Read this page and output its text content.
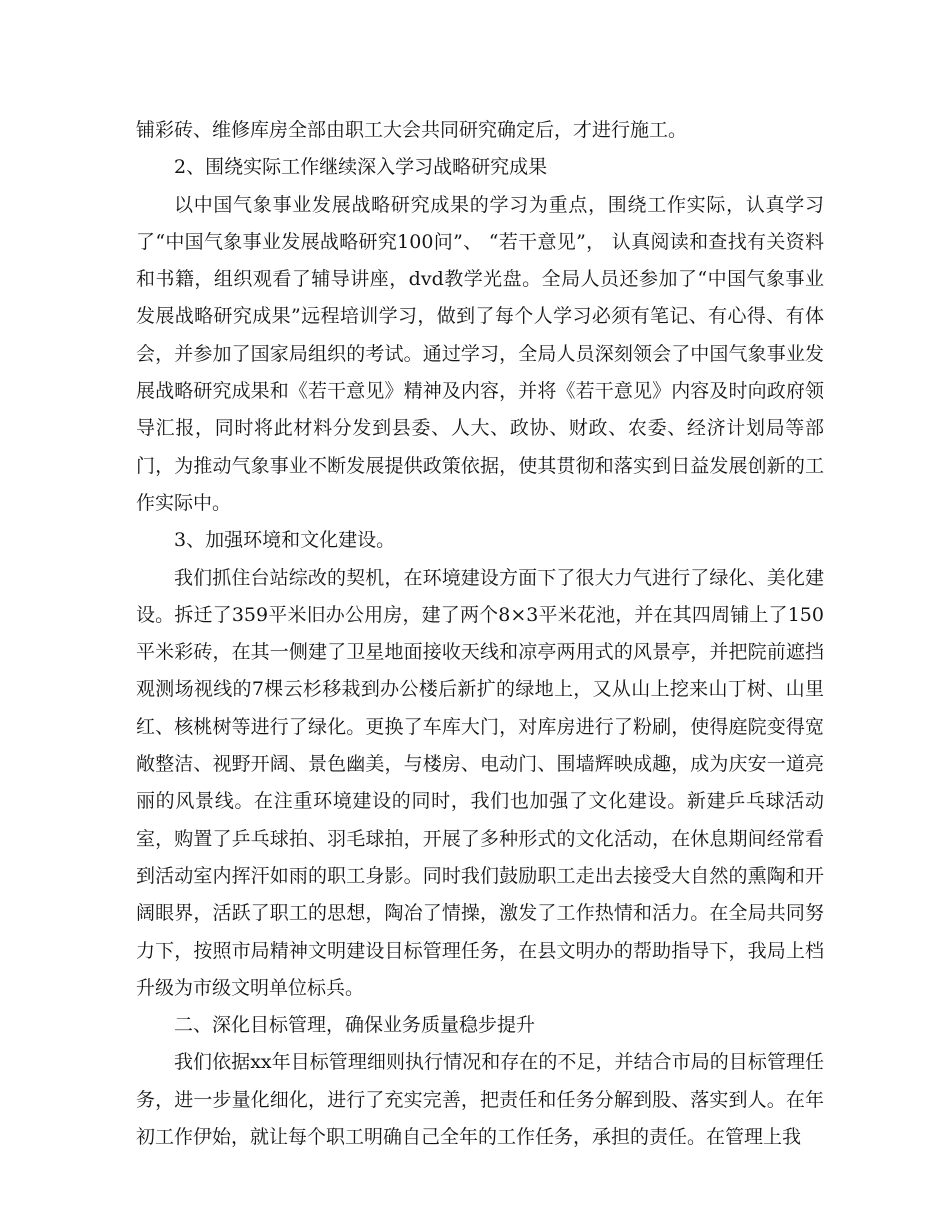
铺彩砖、维修库房全部由职工大会共同研究确定后，才进行施工。

2、围绕实际工作继续深入学习战略研究成果

以中国气象事业发展战略研究成果的学习为重点，围绕工作实际，认真学习了“中国气象事业发展战略研究100问”、 “若干意见”， 认真阅读和查找有关资料和书籍，组织观看了辅导讲座，dvd教学光盘。全局人员还参加了“中国气象事业发展战略研究成果”远程培训学习，做到了每个人学习必须有笔记、有心得、有体会，并参加了国家局组织的考试。通过学习，全局人员深刻领会了中国气象事业发展战略研究成果和《若干意见》精神及内容，并将《若干意见》内容及时向政府领导汇报，同时将此材料分发到县委、人大、政协、财政、农委、经济计划局等部门，为推动气象事业不断发展提供政策依据，使其贯彻和落实到日益发展创新的工作实际中。

3、加强环境和文化建设。

我们抓住台站综改的契机，在环境建设方面下了很大力气进行了绿化、美化建设。拆迁了359平米旧办公用房，建了两个8×3平米花池，并在其四周铺上了150平米彩砖，在其一侧建了卫星地面接收天线和凉亭两用式的风景亭，并把院前遮挡观测场视线的7棵云杉移栽到办公楼后新扩的绿地上，又从山上挖来山丁树、山里红、核桃树等进行了绿化。更换了车库大门，对库房进行了粉刷，使得庭院变得宽敞整洁、视野开阔、景色幽美，与楼房、电动门、围墙辉映成趣，成为庆安一道亮丽的风景线。在注重环境建设的同时，我们也加强了文化建设。新建乒乓球活动室，购置了乒乓球拍、羽毛球拍，开展了多种形式的文化活动，在休息期间经常看到活动室内挥汗如雨的职工身影。同时我们鼓励职工走出去接受大自然的熏陶和开阔眼界，活跃了职工的思想，陶冶了情操，激发了工作热情和活力。在全局共同努力下，按照市局精神文明建设目标管理任务，在县文明办的帮助指导下，我局上档升级为市级文明单位标兵。

二、深化目标管理，确保业务质量稳步提升

我们依据xx年目标管理细则执行情况和存在的不足，并结合市局的目标管理任务，进一步量化细化，进行了充实完善，把责任和任务分解到股、落实到人。在年初工作伊始，就让每个职工明确自己全年的工作任务，承担的责任。在管理上我
